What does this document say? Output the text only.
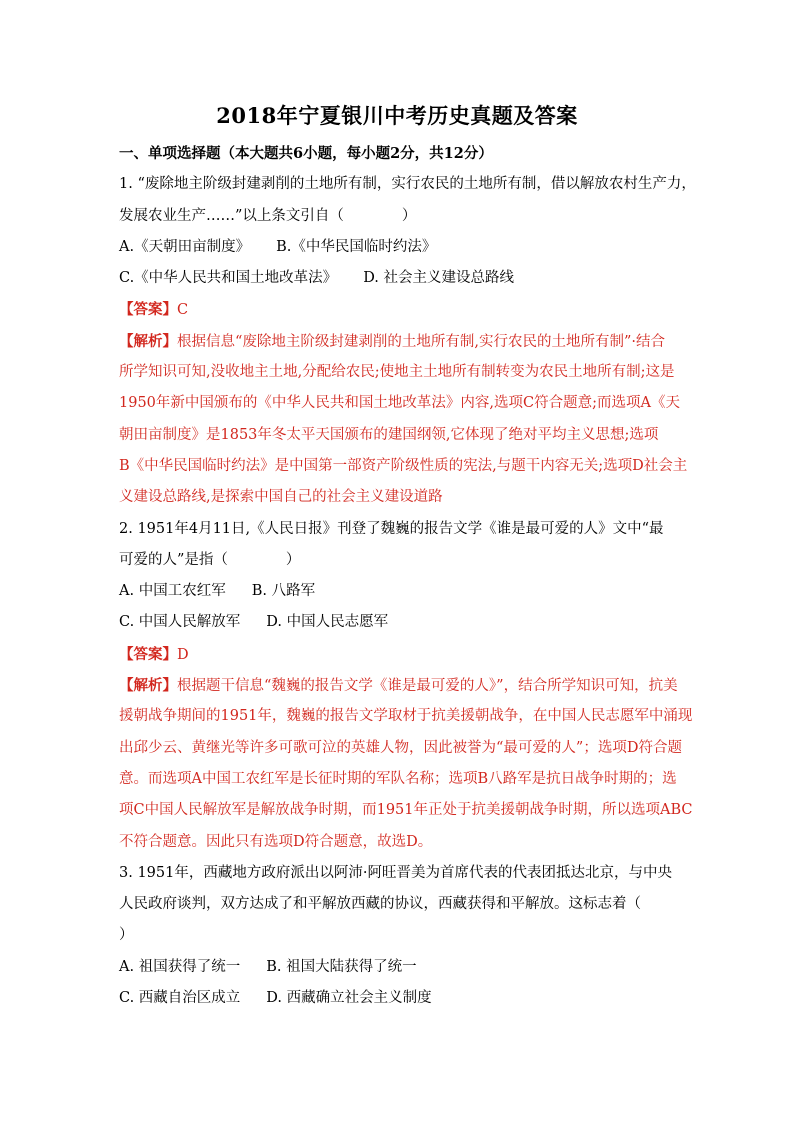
2018年宁夏银川中考历史真题及答案
一、单项选择题（本大题共6小题，每小题2分，共12分）
1. “废除地主阶级封建剥削的土地所有制，实行农民的土地所有制，借以解放农村生产力，
发展农业生产……”以上条文引自（　　　　）
A.《天朝田亩制度》 B.《中华民国临时约法》
C.《中华人民共和国土地改革法》 D. 社会主义建设总路线
【答案】C
【解析】根据信息“废除地主阶级封建剥削的土地所有制,实行农民的土地所有制”·结合
所学知识可知,没收地主土地,分配给农民;使地主土地所有制转变为农民土地所有制;这是
1950年新中国颁布的《中华人民共和国土地改革法》内容,选项C符合题意;而选项A《天
朝田亩制度》是1853年冬太平天国颁布的建国纲领,它体现了绝对平均主义思想;选项
B《中华民国临时约法》是中国第一部资产阶级性质的宪法,与题干内容无关;选项D社会主
义建设总路线,是探索中国自己的社会主义建设道路
2. 1951年4月11日,《人民日报》刊登了魏巍的报告文学《谁是最可爱的人》文中“最
可爱的人”是指（　　　　）
A. 中国工农红军 B. 八路军
C. 中国人民解放军 D. 中国人民志愿军
【答案】D
【解析】根据题干信息“魏巍的报告文学《谁是最可爱的人》”，结合所学知识可知，抗美
援朝战争期间的1951年，魏巍的报告文学取材于抗美援朝战争，在中国人民志愿军中涌现
出邱少云、黄继光等许多可歌可泣的英雄人物，因此被誉为“最可爱的人”；选项D符合题
意。而选项A中国工农红军是长征时期的军队名称；选项B八路军是抗日战争时期的；选
项C中国人民解放军是解放战争时期，而1951年正处于抗美援朝战争时期，所以选项ABC
不符合题意。因此只有选项D符合题意，故选D。
3. 1951年，西藏地方政府派出以阿沛·阿旺晋美为首席代表的代表团抵达北京，与中央
人民政府谈判，双方达成了和平解放西藏的协议，西藏获得和平解放。这标志着（
）
A. 祖国获得了统一 B. 祖国大陆获得了统一
C. 西藏自治区成立 D. 西藏确立社会主义制度
